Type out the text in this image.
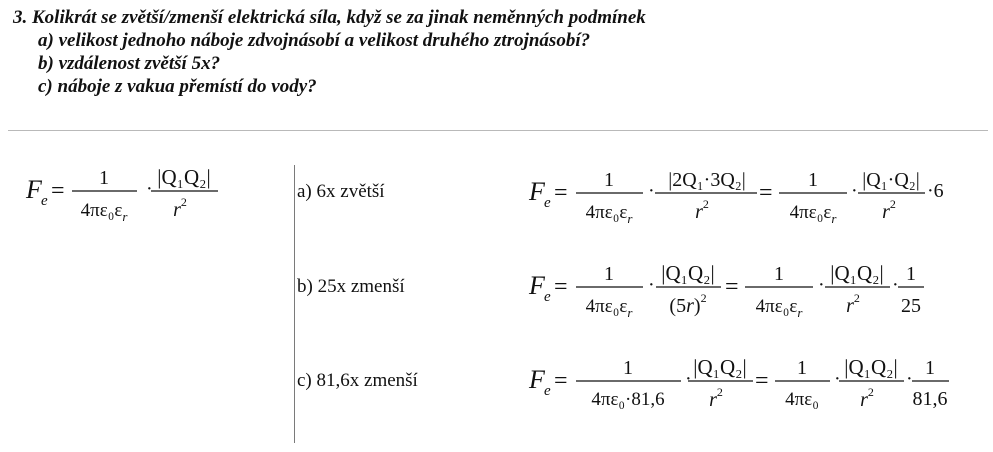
3. Kolikrát se zvětší/zmenší elektrická síla, když se za jinak neměnných podmínek
a) velikost jednoho náboje zdvojnásobí a velikost druhého ztrojnásobí?
b) vzdálenost zvětší 5x?
c) náboje z vakua přemístí do vody?
F e = 1
$4\pi\varepsilon_0\varepsilon_r$
· |Q₁Q₂|
$r^2$	a) 6x zvětší
b) 25x zmenší
c) 81,6x zmenší
F e = 1
$4\pi\varepsilon_0\varepsilon_r$
· |2Q₁·3Q₂|
$r^2 = 1$
$4\pi\varepsilon_0\varepsilon_r$
· |Q₁·Q₂|
$r^2$
·6
F e = 1
$4\pi\varepsilon_0\varepsilon_r$
· |Q₁Q₂|
$(5r)^2 = 1$
$4\pi\varepsilon_0\varepsilon_r$
· |Q₁Q₂|
$r^2$
· 1
25
F e =	1
4πε₀·81,6
· |Q₁Q₂|
$r^2 = 1$
4πε₀
· |Q₁Q₂|
$r^2$
· 1
81,6
